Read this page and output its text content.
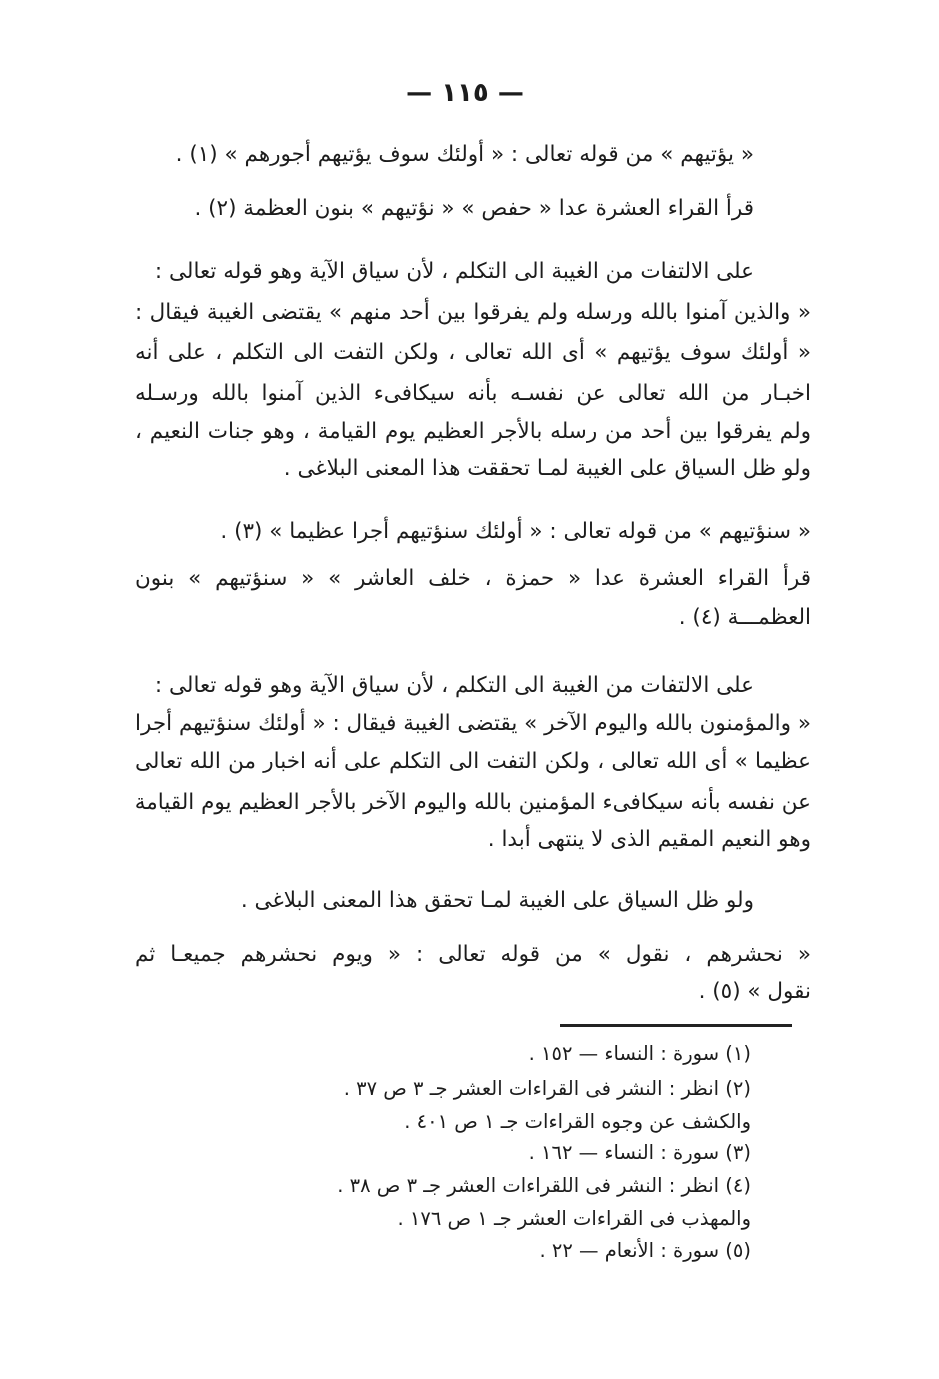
— ١١٥ —
« يؤتيهم » من قوله تعالى : « أولئك سوف يؤتيهم أجورهم » (١) .
قرأ القراء العشرة عدا « حفص » « نؤتيهم » بنون العظمة (٢) .
على الالتفات من الغيبة الى التكلم ، لأن سياق الآية وهو قوله تعالى :
« والذين آمنوا بالله ورسله ولم يفرقوا بين أحد منهم » يقتضى الغيبة فيقال :
« أولئك سوف يؤتيهم » أى الله تعالى ، ولكن التفت الى التكلم ، على أنه
اخبـار من الله تعالى عن نفسـه بأنه سيكافىء الذين آمنوا بالله ورسـله
ولم يفرقوا بين أحد من رسله بالأجر العظيم يوم القيامة ، وهو جنات النعيم ،
ولو ظل السياق على الغيبة لمـا تحققت هذا المعنى البلاغى .
« سنؤتيهم » من قوله تعالى : « أولئك سنؤتيهم أجرا عظيما » (٣) .
قرأ القراء العشرة عدا « حمزة ، خلف العاشر » « سنؤتيهم » بنون
العظمـــة (٤) .
على الالتفات من الغيبة الى التكلم ، لأن سياق الآية وهو قوله تعالى :
« والمؤمنون بالله واليوم الآخر » يقتضى الغيبة فيقال : « أولئك سنؤتيهم أجرا
عظيما » أى الله تعالى ، ولكن التفت الى التكلم على أنه اخبار من الله تعالى
عن نفسه بأنه سيكافىء المؤمنين بالله واليوم الآخر بالأجر العظيم يوم القيامة
وهو النعيم المقيم الذى لا ينتهى أبدا .
ولو ظل السياق على الغيبة لمـا تحقق هذا المعنى البلاغى .
« نحشرهم ، نقول » من قوله تعالى : « ويوم نحشرهم جميعـا ثم
نقول » (٥) .
(١) سورة : النساء — ١٥٢ .
(٢) انظر : النشر فى القراءات العشر جـ ٣ ص ٣٧ .
والكشف عن وجوه القراءات جـ ١ ص ٤٠١ .
(٣) سورة : النساء — ١٦٢ .
(٤) انظر : النشر فى اللقراءات العشر جـ ٣ ص ٣٨ .
والمهذب فى القراءات العشر جـ ١ ص ١٧٦ .
(٥) سورة : الأنعام — ٢٢ .
